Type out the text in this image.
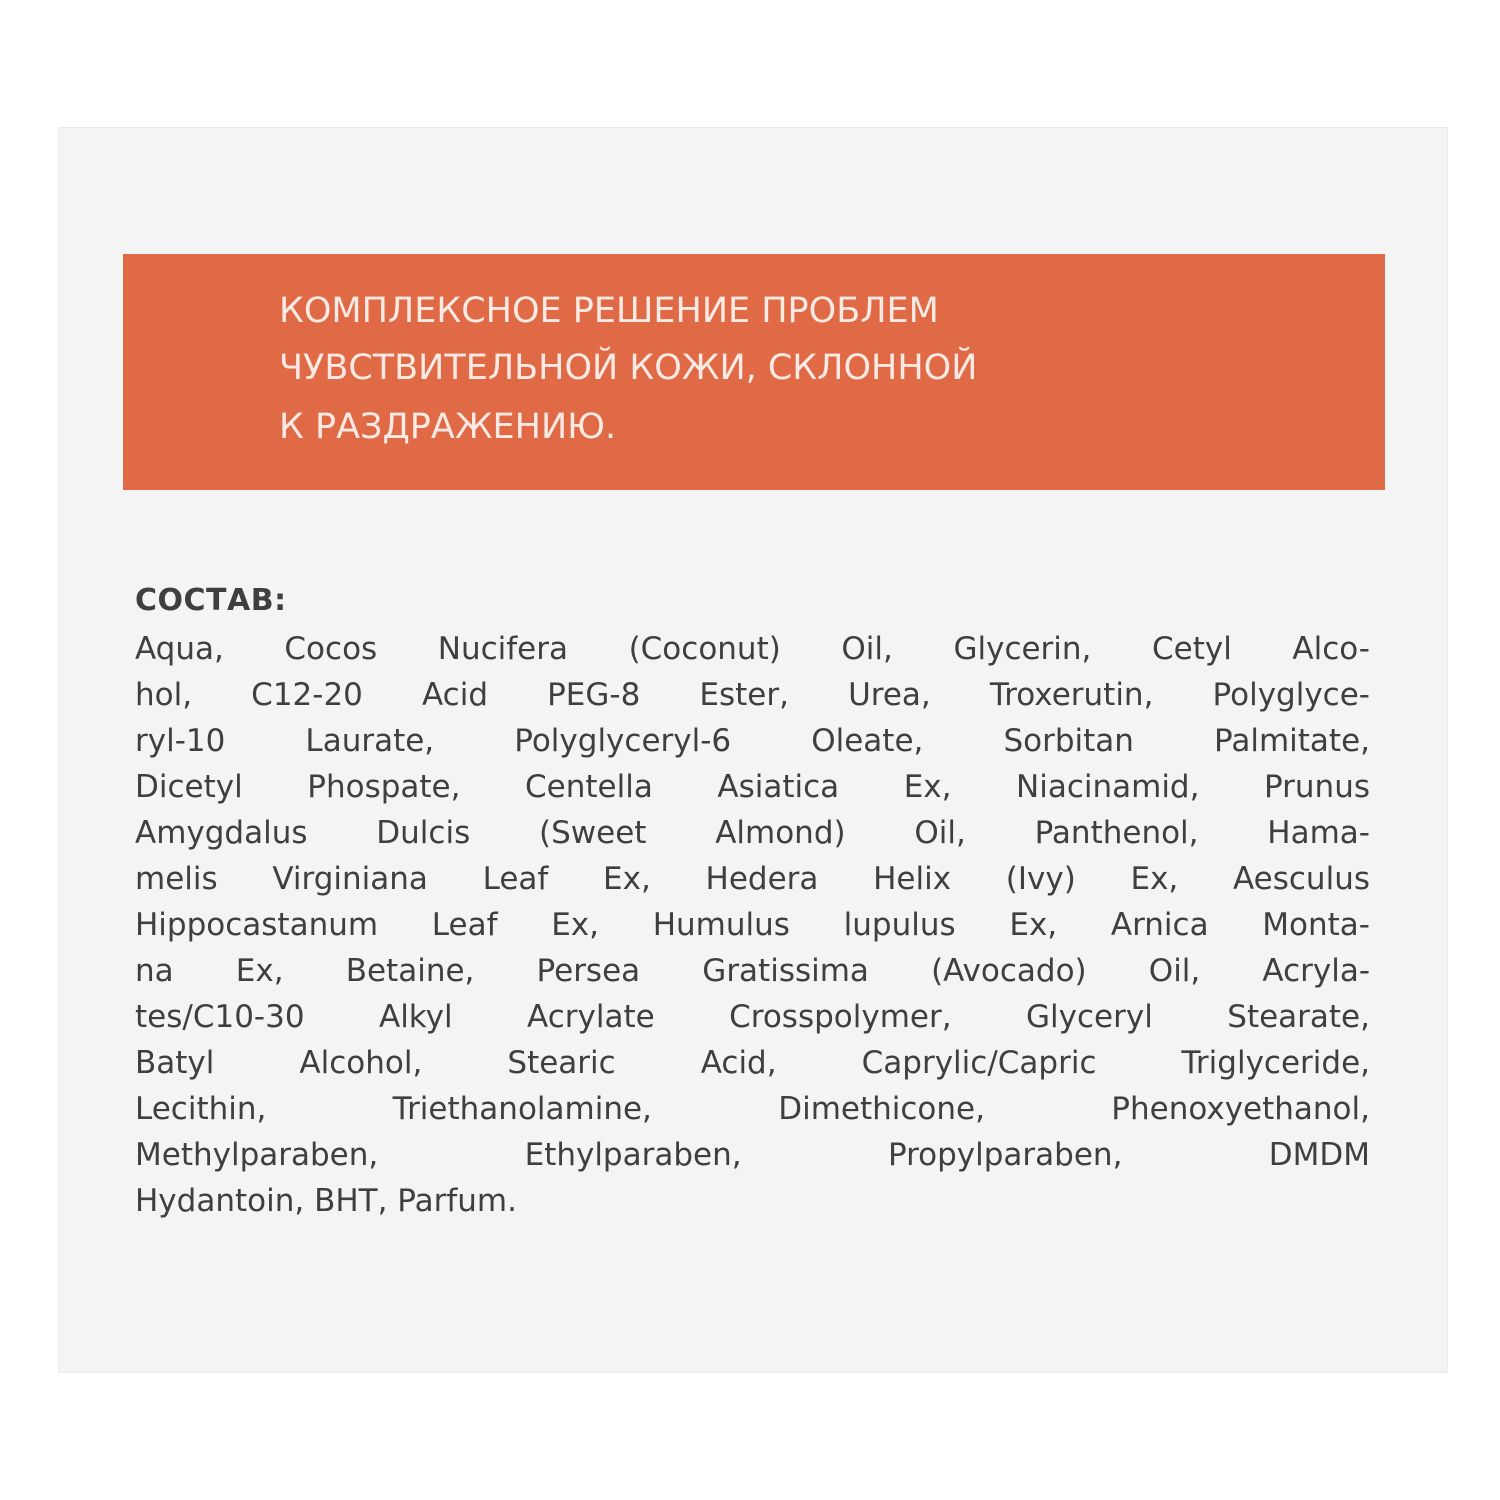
КОМПЛЕКСНОЕ РЕШЕНИЕ ПРОБЛЕМ
ЧУВСТВИТЕЛЬНОЙ КОЖИ, СКЛОННОЙ
К РАЗДРАЖЕНИЮ.
СОСТАВ:
Aqua, Cocos Nucifera (Coconut) Oil, Glycerin, Cetyl Alco-
hol, C12-20 Acid PEG-8 Ester, Urea, Troxerutin, Polyglyce-
ryl-10 Laurate, Polyglyceryl-6 Oleate, Sorbitan Palmitate,
Dicetyl Phospate, Centella Asiatica Ex, Niacinamid, Prunus
Amygdalus Dulcis (Sweet Almond) Oil, Panthenol, Hama-
melis Virginiana Leaf Ex, Hedera Helix (Ivy) Ex, Aesculus
Hippocastanum Leaf Ex, Humulus lupulus Ex, Arnica Monta-
na Ex, Betaine, Persea Gratissima (Avocado) Oil, Acryla-
tes/C10-30 Alkyl Acrylate Crosspolymer, Glyceryl Stearate,
Batyl Alcohol, Stearic Acid, Caprylic/Capric Triglyceride,
Lecithin, Triethanolamine, Dimethicone, Phenoxyethanol,
Methylparaben, Ethylparaben, Propylparaben, DMDM
Hydantoin, BHT, Parfum.
